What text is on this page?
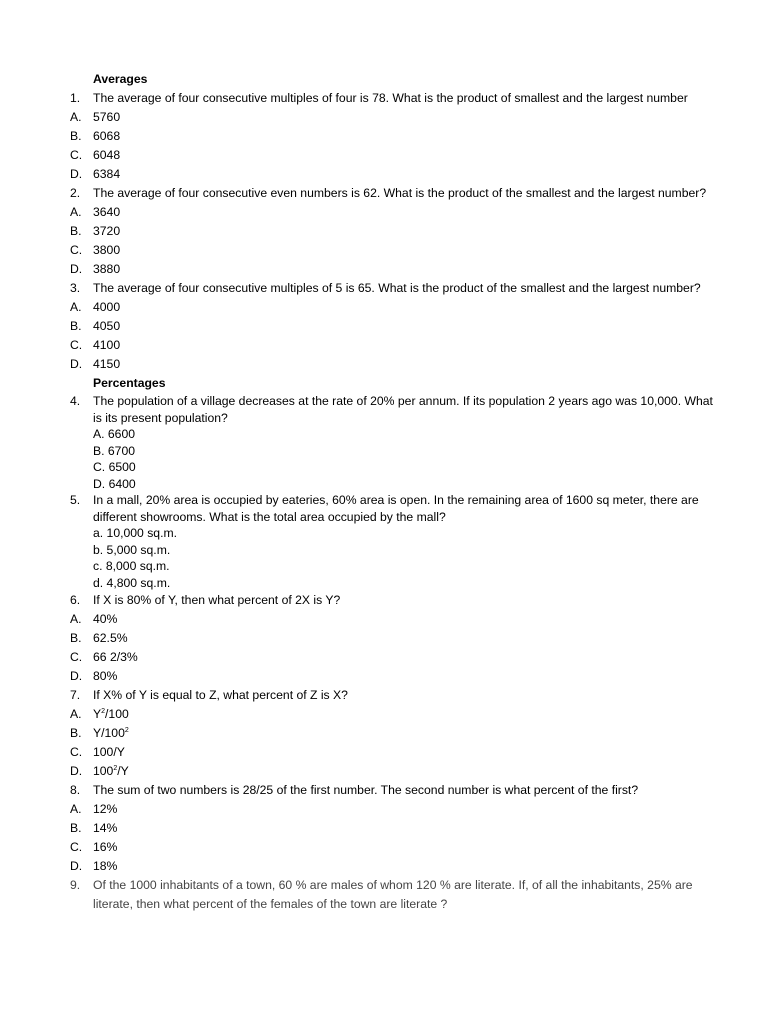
Averages
1. The average of four consecutive multiples of four is 78. What is the product of smallest and the largest number
A. 5760
B. 6068
C. 6048
D. 6384
2. The average of four consecutive even numbers is 62. What is the product of the smallest and the largest number?
A. 3640
B. 3720
C. 3800
D. 3880
3. The average of four consecutive multiples of 5 is 65. What is the product of the smallest and the largest number?
A. 4000
B. 4050
C. 4100
D. 4150
Percentages
4. The population of a village decreases at the rate of 20% per annum. If its population 2 years ago was 10,000. What is its present population?
A. 6600
B. 6700
C. 6500
D. 6400
5. In a mall, 20% area is occupied by eateries, 60% area is open. In the remaining area of 1600 sq meter, there are different showrooms. What is the total area occupied by the mall?
a. 10,000 sq.m.
b. 5,000 sq.m.
c. 8,000 sq.m.
d. 4,800 sq.m.
6. If X is 80% of Y, then what percent of 2X is Y?
A. 40%
B. 62.5%
C. 66 2/3%
D. 80%
7. If X% of Y is equal to Z, what percent of Z is X?
A. $Y^2/100$
B. $Y/100^2$
C. 100/Y
D. $100^2/Y$
8. The sum of two numbers is 28/25 of the first number. The second number is what percent of the first?
A. 12%
B. 14%
C. 16%
D. 18%
9. Of the 1000 inhabitants of a town, 60 % are males of whom 120 % are literate. If, of all the inhabitants, 25% are literate, then what percent of the females of the town are literate ?
